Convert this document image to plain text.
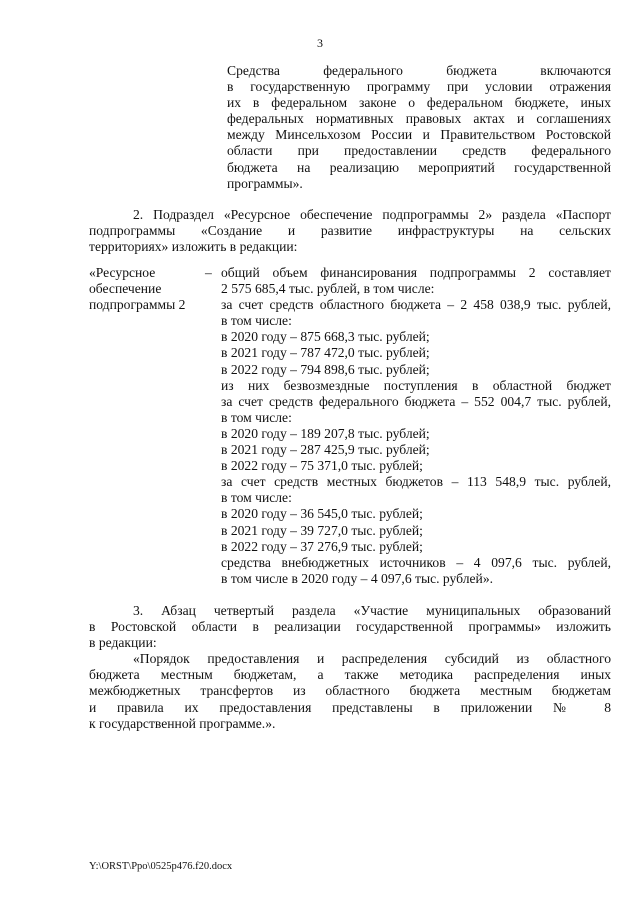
3
Средства федерального бюджета включаются
в государственную программу при условии отражения
их в федеральном законе о федеральном бюджете, иных
федеральных нормативных правовых актах и соглашениях
между Минсельхозом России и Правительством Ростовской
области при предоставлении средств федерального
бюджета на реализацию мероприятий государственной
программы».
2. Подраздел «Ресурсное обеспечение подпрограммы 2» раздела «Паспорт
подпрограммы «Создание и развитие инфраструктуры на сельских
территориях» изложить в редакции:
«Ресурсное
обеспечение
подпрограммы 2
– общий объем финансирования подпрограммы 2 составляет
2 575 685,4 тыс. рублей, в том числе:
за счет средств областного бюджета – 2 458 038,9 тыс. рублей,
в том числе:
в 2020 году – 875 668,3 тыс. рублей;
в 2021 году – 787 472,0 тыс. рублей;
в 2022 году – 794 898,6 тыс. рублей;
из них безвозмездные поступления в областной бюджет
за счет средств федерального бюджета – 552 004,7 тыс. рублей,
в том числе:
в 2020 году – 189 207,8 тыс. рублей;
в 2021 году – 287 425,9 тыс. рублей;
в 2022 году – 75 371,0 тыс. рублей;
за счет средств местных бюджетов – 113 548,9 тыс. рублей,
в том числе:
в 2020 году – 36 545,0 тыс. рублей;
в 2021 году – 39 727,0 тыс. рублей;
в 2022 году – 37 276,9 тыс. рублей;
средства внебюджетных источников – 4 097,6 тыс. рублей,
в том числе в 2020 году – 4 097,6 тыс. рублей».
3. Абзац четвертый раздела «Участие муниципальных образований
в Ростовской области в реализации государственной программы» изложить
в редакции:
«Порядок предоставления и распределения субсидий из областного
бюджета местным бюджетам, а также методика распределения иных
межбюджетных трансфертов из областного бюджета местным бюджетам
и правила их предоставления представлены в приложении № 8
к государственной программе.».
Y:\ORST\Ppo\0525p476.f20.docx
